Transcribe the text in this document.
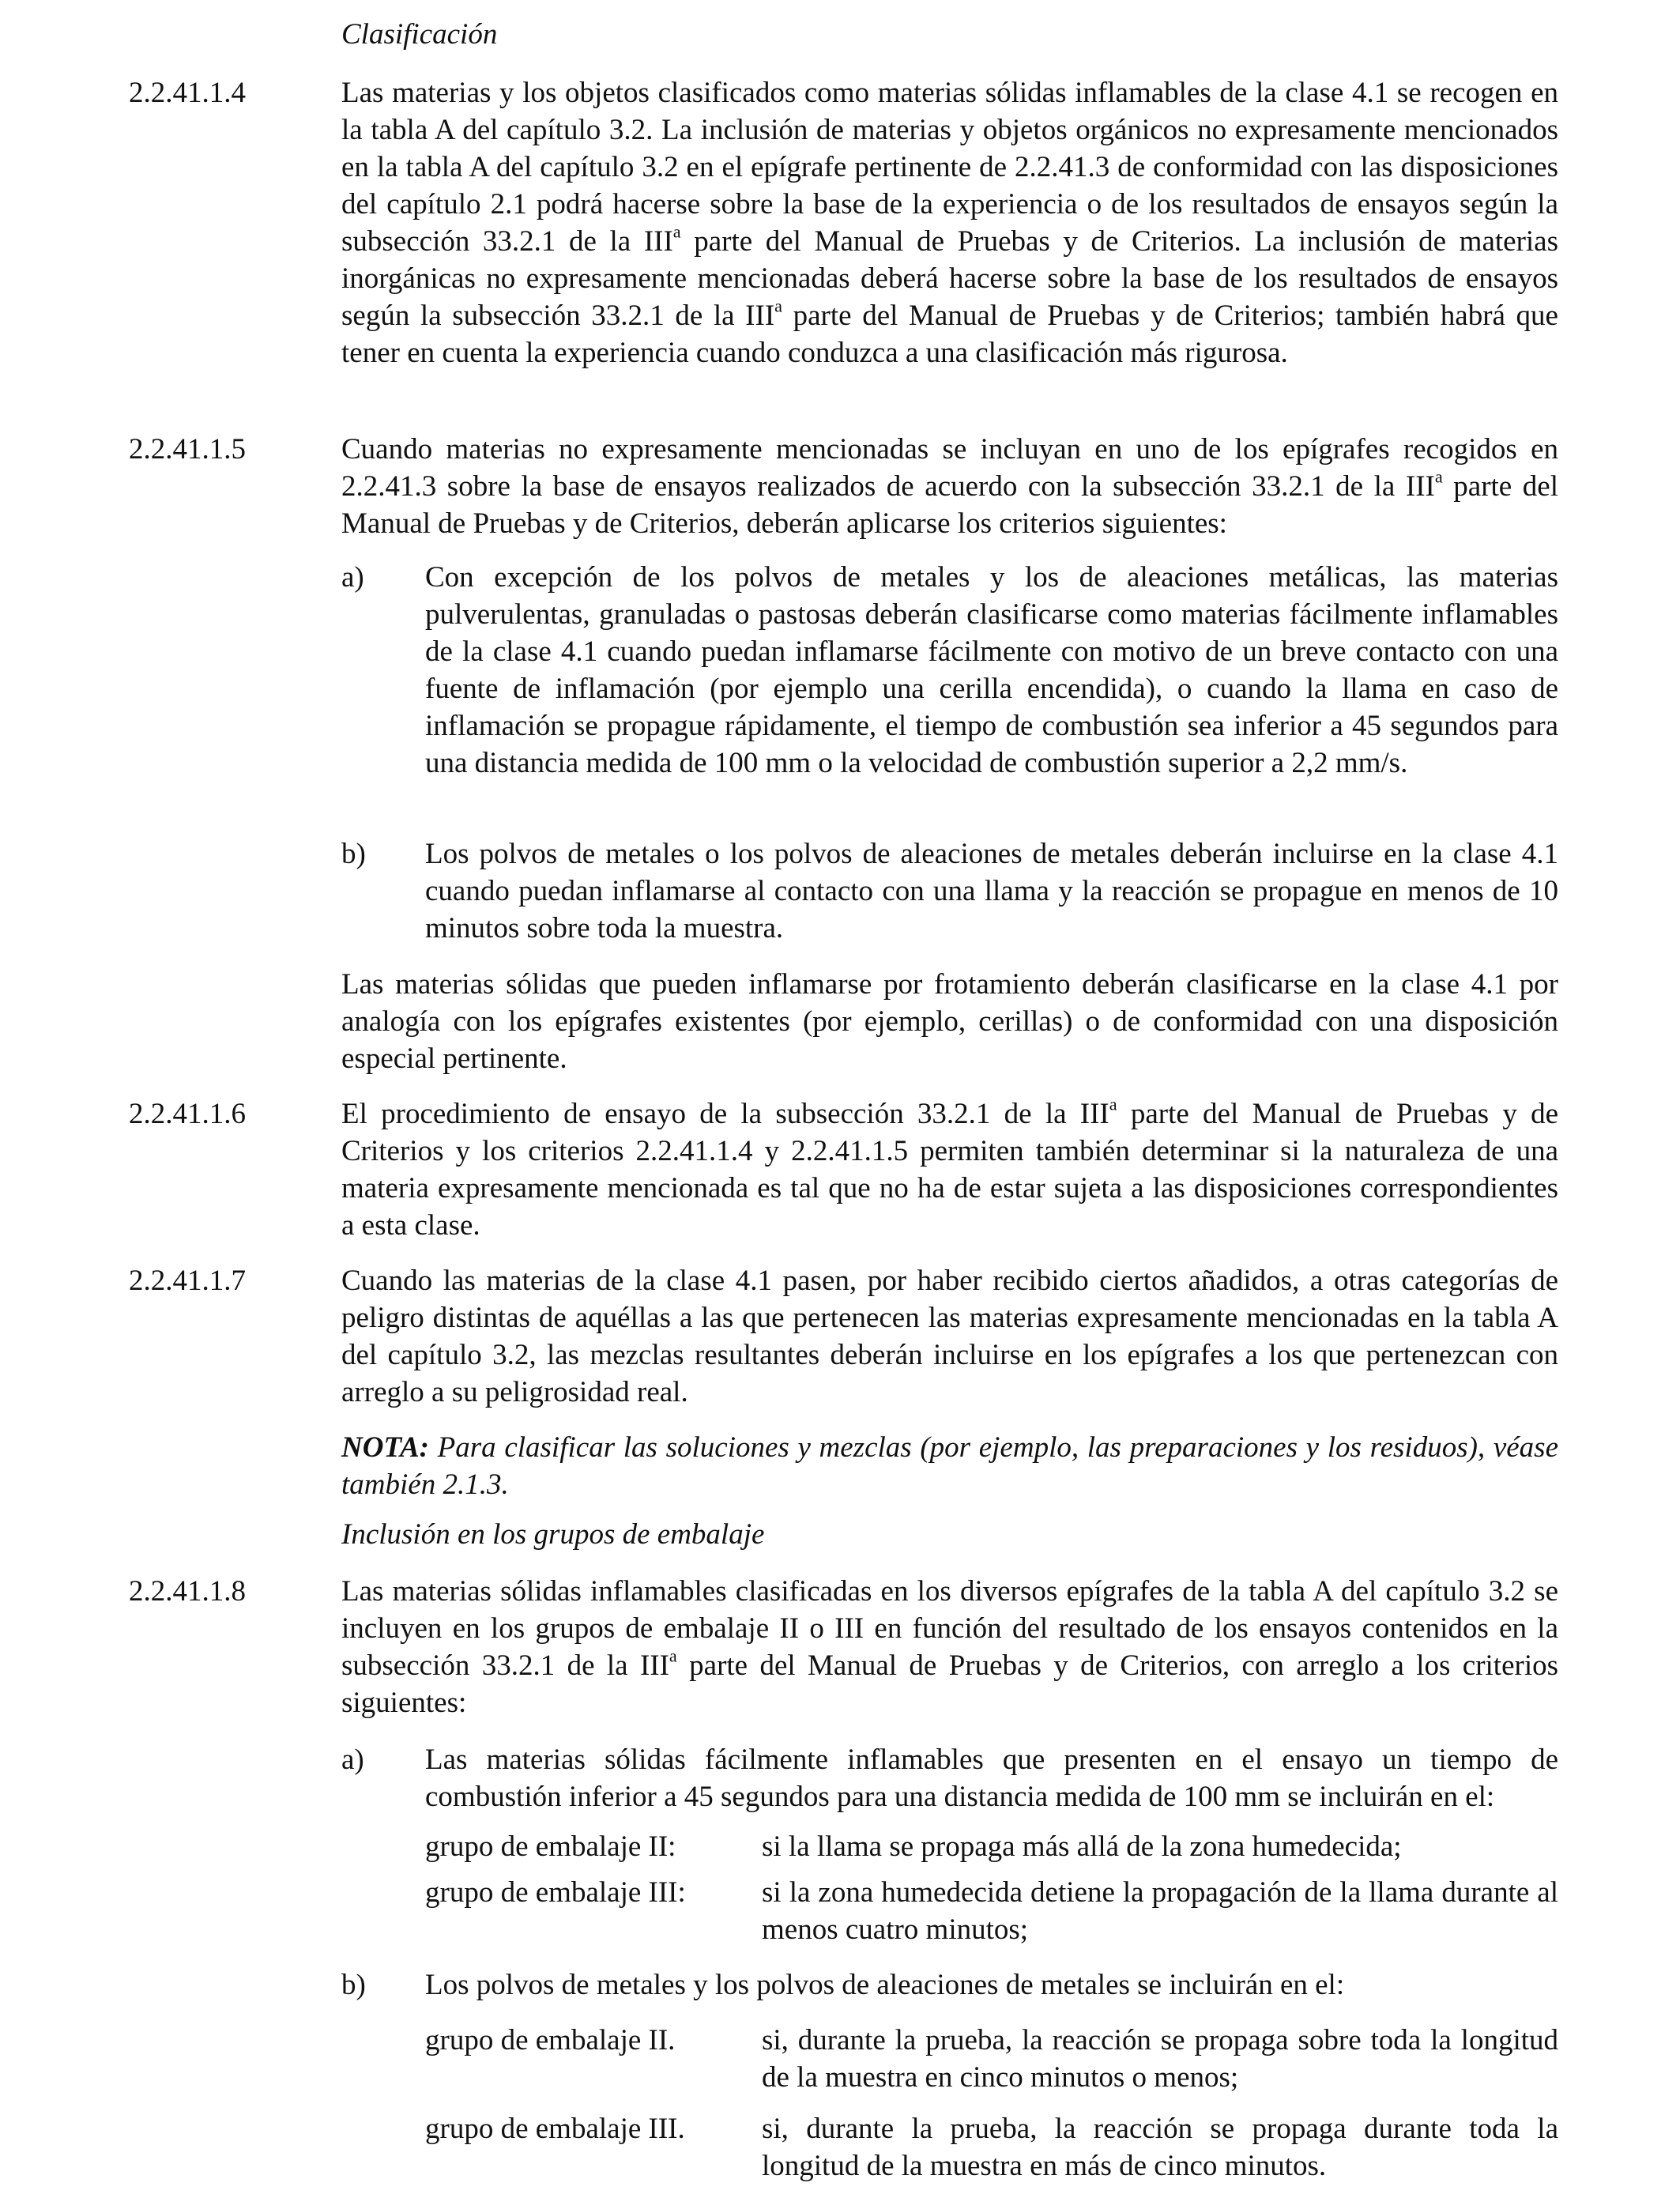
Clasificación
2.2.41.1.4	Las materias y los objetos clasificados como materias sólidas inflamables de la clase 4.1 se recogen en la tabla A del capítulo 3.2. La inclusión de materias y objetos orgánicos no expresamente mencionados en la tabla A del capítulo 3.2 en el epígrafe pertinente de 2.2.41.3 de conformidad con las disposiciones del capítulo 2.1 podrá hacerse sobre la base de la experiencia o de los resultados de ensayos según la subsección 33.2.1 de la III$^a$ parte del Manual de Pruebas y de Criterios. La inclusión de materias inorgánicas no expresamente mencionadas deberá hacerse sobre la base de los resultados de ensayos según la subsección 33.2.1 de la III$^a$ parte del Manual de Pruebas y de Criterios; también habrá que tener en cuenta la experiencia cuando conduzca a una clasificación más rigurosa.
2.2.41.1.5	Cuando materias no expresamente mencionadas se incluyan en uno de los epígrafes recogidos en 2.2.41.3 sobre la base de ensayos realizados de acuerdo con la subsección 33.2.1 de la III$^a$ parte del Manual de Pruebas y de Criterios, deberán aplicarse los criterios siguientes:
a) Con excepción de los polvos de metales y los de aleaciones metálicas, las materias pulverulentas, granuladas o pastosas deberán clasificarse como materias fácilmente inflamables de la clase 4.1 cuando puedan inflamarse fácilmente con motivo de un breve contacto con una fuente de inflamación (por ejemplo una cerilla encendida), o cuando la llama en caso de inflamación se propague rápidamente, el tiempo de combustión sea inferior a 45 segundos para una distancia medida de 100 mm o la velocidad de combustión superior a 2,2 mm/s.
b) Los polvos de metales o los polvos de aleaciones de metales deberán incluirse en la clase 4.1 cuando puedan inflamarse al contacto con una llama y la reacción se propague en menos de 10 minutos sobre toda la muestra.
Las materias sólidas que pueden inflamarse por frotamiento deberán clasificarse en la clase 4.1 por analogía con los epígrafes existentes (por ejemplo, cerillas) o de conformidad con una disposición especial pertinente.
2.2.41.1.6	El procedimiento de ensayo de la subsección 33.2.1 de la III$^a$ parte del Manual de Pruebas y de Criterios y los criterios 2.2.41.1.4 y 2.2.41.1.5 permiten también determinar si la naturaleza de una materia expresamente mencionada es tal que no ha de estar sujeta a las disposiciones correspondientes a esta clase.
2.2.41.1.7	Cuando las materias de la clase 4.1 pasen, por haber recibido ciertos añadidos, a otras categorías de peligro distintas de aquéllas a las que pertenecen las materias expresamente mencionadas en la tabla A del capítulo 3.2, las mezclas resultantes deberán incluirse en los epígrafes a los que pertenezcan con arreglo a su peligrosidad real.
NOTA: Para clasificar las soluciones y mezclas (por ejemplo, las preparaciones y los residuos), véase también 2.1.3.
Inclusión en los grupos de embalaje
2.2.41.1.8	Las materias sólidas inflamables clasificadas en los diversos epígrafes de la tabla A del capítulo 3.2 se incluyen en los grupos de embalaje II o III en función del resultado de los ensayos contenidos en la subsección 33.2.1 de la III$^a$ parte del Manual de Pruebas y de Criterios, con arreglo a los criterios siguientes:
a) Las materias sólidas fácilmente inflamables que presenten en el ensayo un tiempo de combustión inferior a 45 segundos para una distancia medida de 100 mm se incluirán en el:
grupo de embalaje II:	si la llama se propaga más allá de la zona humedecida;
grupo de embalaje III:	si la zona humedecida detiene la propagación de la llama durante al menos cuatro minutos;
b) Los polvos de metales y los polvos de aleaciones de metales se incluirán en el:
grupo de embalaje II.	si, durante la prueba, la reacción se propaga sobre toda la longitud de la muestra en cinco minutos o menos;
grupo de embalaje III.	si, durante la prueba, la reacción se propaga durante toda la longitud de la muestra en más de cinco minutos.
